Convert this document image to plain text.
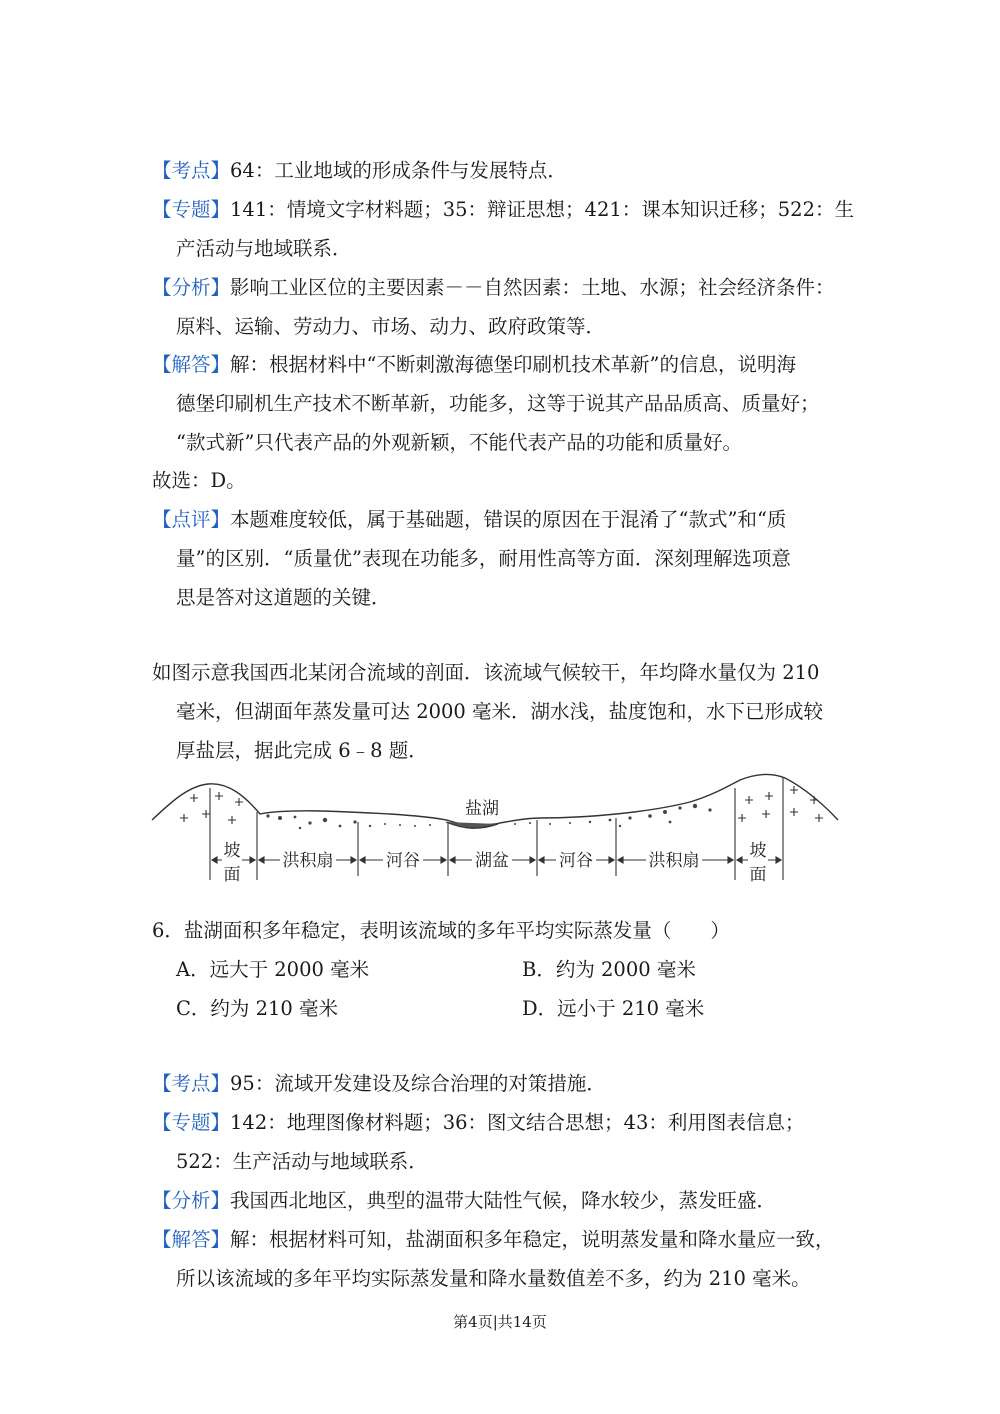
【考点】64：工业地域的形成条件与发展特点．
【专题】141：情境文字材料题；35：辩证思想；421：课本知识迁移；522：生
产活动与地域联系．
【分析】影响工业区位的主要因素－－自然因素：土地、水源；社会经济条件：
原料、运输、劳动力、市场、动力、政府政策等．
【解答】解：根据材料中“不断刺激海德堡印刷机技术革新”的信息，说明海
德堡印刷机生产技术不断革新，功能多，这等于说其产品品质高、质量好；
“款式新”只代表产品的外观新颖，不能代表产品的功能和质量好。
故选：D。
【点评】本题难度较低，属于基础题，错误的原因在于混淆了“款式”和“质
量”的区别．“质量优”表现在功能多，耐用性高等方面．深刻理解选项意
思是答对这道题的关键．
如图示意我国西北某闭合流域的剖面．该流域气候较干，年均降水量仅为 210
毫米，但湖面年蒸发量可达 2000 毫米．湖水浅，盐度饱和，水下已形成较
厚盐层，据此完成 6﹣8 题．
盐湖
坡
面
洪积扇	河谷	湖盆	河谷	洪积扇
坡
面
6．盐湖面积多年稳定，表明该流域的多年平均实际蒸发量（　　）
A．远大于 2000 毫米	B．约为 2000 毫米
C．约为 210 毫米	D．远小于 210 毫米
【考点】95：流域开发建设及综合治理的对策措施．
【专题】142：地理图像材料题；36：图文结合思想；43：利用图表信息；
522：生产活动与地域联系．
【分析】我国西北地区，典型的温带大陆性气候，降水较少，蒸发旺盛．
【解答】解：根据材料可知，盐湖面积多年稳定，说明蒸发量和降水量应一致，
所以该流域的多年平均实际蒸发量和降水量数值差不多，约为 210 毫米。
第4页|共14页
